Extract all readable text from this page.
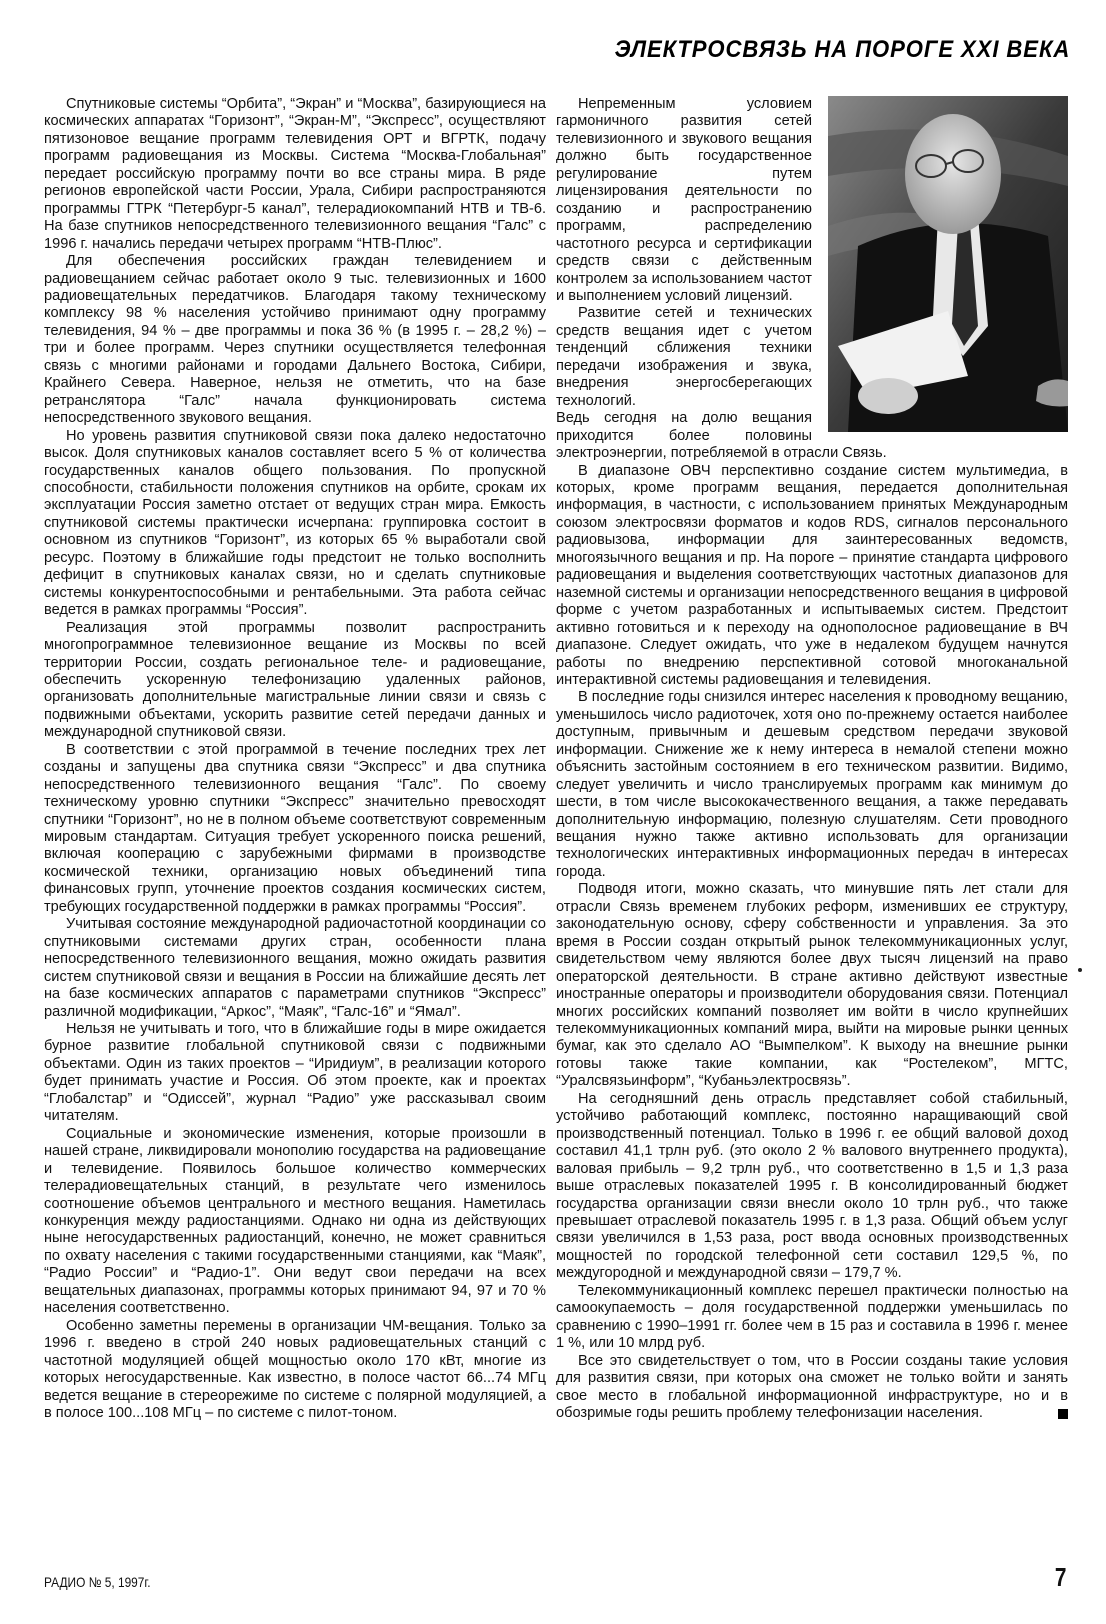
ЭЛЕКТРОСВЯЗЬ НА ПОРОГЕ XXI ВЕКА

Спутниковые системы “Орбита”, “Экран” и “Москва”, базирующиеся на космических аппаратах “Горизонт”, “Экран-М”, “Экспресс”, осуществляют пятизоновое вещание программ телевидения ОРТ и ВГРТК, подачу программ радиовещания из Москвы. Система “Москва-Глобальная” передает российскую программу почти во все страны мира. В ряде регионов европейской части России, Урала, Сибири распространяются программы ГТРК “Петербург-5 канал”, телерадиокомпаний НТВ и ТВ-6. На базе спутников непосредственного телевизионного вещания “Галс” с 1996 г. начались передачи четырех программ “НТВ-Плюс”.

Для обеспечения российских граждан телевидением и радиовещанием сейчас работает около 9 тыс. телевизионных и 1600 радиовещательных передатчиков. Благодаря такому техническому комплексу 98 % населения устойчиво принимают одну программу телевидения, 94 % – две программы и пока 36 % (в 1995 г. – 28,2 %) – три и более программ. Через спутники осуществляется телефонная связь с многими районами и городами Дальнего Востока, Сибири, Крайнего Севера. Наверное, нельзя не отметить, что на базе ретранслятора “Галс” начала функционировать система непосредственного звукового вещания.

Но уровень развития спутниковой связи пока далеко недостаточно высок. Доля спутниковых каналов составляет всего 5 % от количества государственных каналов общего пользования. По пропускной способности, стабильности положения спутников на орбите, срокам их эксплуатации Россия заметно отстает от ведущих стран мира. Емкость спутниковой системы практически исчерпана: группировка состоит в основном из спутников “Горизонт”, из которых 65 % выработали свой ресурс. Поэтому в ближайшие годы предстоит не только восполнить дефицит в спутниковых каналах связи, но и сделать спутниковые системы конкурентоспособными и рентабельными. Эта работа сейчас ведется в рамках программы “Россия”.

Реализация этой программы позволит распространить многопрограммное телевизионное вещание из Москвы по всей территории России, создать региональное теле- и радиовещание, обеспечить ускоренную телефонизацию удаленных районов, организовать дополнительные магистральные линии связи и связь с подвижными объектами, ускорить развитие сетей передачи данных и международной спутниковой связи.

В соответствии с этой программой в течение последних трех лет созданы и запущены два спутника связи “Экспресс” и два спутника непосредственного телевизионного вещания “Галс”. По своему техническому уровню спутники “Экспресс” значительно превосходят спутники “Горизонт”, но не в полном объеме соответствуют современным мировым стандартам. Ситуация требует ускоренного поиска решений, включая кооперацию с зарубежными фирмами в производстве космической техники, организацию новых объединений типа финансовых групп, уточнение проектов создания космических систем, требующих государственной поддержки в рамках программы “Россия”.

Учитывая состояние международной радиочастотной координации со спутниковыми системами других стран, особенности плана непосредственного телевизионного вещания, можно ожидать развития систем спутниковой связи и вещания в России на ближайшие десять лет на базе космических аппаратов с параметрами спутников “Экспресс” различной модификации, “Аркос”, “Маяк”, “Галс-16” и “Ямал”.

Нельзя не учитывать и того, что в ближайшие годы в мире ожидается бурное развитие глобальной спутниковой связи с подвижными объектами. Один из таких проектов – “Иридиум”, в реализации которого будет принимать участие и Россия. Об этом проекте, как и проектах “Глобалстар” и “Одиссей”, журнал “Радио” уже рассказывал своим читателям.

Социальные и экономические изменения, которые произошли в нашей стране, ликвидировали монополию государства на радиовещание и телевидение. Появилось большое количество коммерческих телерадиовещательных станций, в результате чего изменилось соотношение объемов центрального и местного вещания. Наметилась конкуренция между радиостанциями. Однако ни одна из действующих ныне негосударственных радиостанций, конечно, не может сравниться по охвату населения с такими государственными станциями, как “Маяк”, “Радио России” и “Радио-1”. Они ведут свои передачи на всех вещательных диапазонах, программы которых принимают 94, 97 и 70 % населения соответственно.

Особенно заметны перемены в организации ЧМ-вещания. Только за 1996 г. введено в строй 240 новых радиовещательных станций с частотной модуляцией общей мощностью около 170 кВт, многие из которых негосударственные. Как известно, в полосе частот 66...74 МГц ведется вещание в стереорежиме по системе с полярной модуляцией, а в полосе 100...108 МГц – по системе с пилот-тоном.

Непременным условием гармоничного развития сетей телевизионного и звукового вещания должно быть государственное регулирование путем лицензирования деятельности по созданию и распространению программ, распределению частотного ресурса и сертификации средств связи с действенным контролем за использованием частот и выполнением условий лицензий.

Развитие сетей и технических средств вещания идет с учетом тенденций сближения техники передачи изображения и звука, внедрения энергосберегающих технологий.

Ведь сегодня на долю вещания приходится более половины электроэнергии, потребляемой в отрасли Связь.

В диапазоне ОВЧ перспективно создание систем мультимедиа, в которых, кроме программ вещания, передается дополнительная информация, в частности, с использованием принятых Международным союзом электросвязи форматов и кодов RDS, сигналов персонального радиовызова, информации для заинтересованных ведомств, многоязычного вещания и пр. На пороге – принятие стандарта цифрового радиовещания и выделения соответствующих частотных диапазонов для наземной системы и организации непосредственного вещания в цифровой форме с учетом разработанных и испытываемых систем. Предстоит активно готовиться и к переходу на однополосное радиовещание в ВЧ диапазоне. Следует ожидать, что уже в недалеком будущем начнутся работы по внедрению перспективной сотовой многоканальной интерактивной системы радиовещания и телевидения.

В последние годы снизился интерес населения к проводному вещанию, уменьшилось число радиоточек, хотя оно по-прежнему остается наиболее доступным, привычным и дешевым средством передачи звуковой информации. Снижение же к нему интереса в немалой степени можно объяснить застойным состоянием в его техническом развитии. Видимо, следует увеличить и число транслируемых программ как минимум до шести, в том числе высококачественного вещания, а также передавать дополнительную информацию, полезную слушателям. Сети проводного вещания нужно также активно использовать для организации технологических интерактивных информационных передач в интересах города.

Подводя итоги, можно сказать, что минувшие пять лет стали для отрасли Связь временем глубоких реформ, изменивших ее структуру, законодательную основу, сферу собственности и управления. За это время в России создан открытый рынок телекоммуникационных услуг, свидетельством чему являются более двух тысяч лицензий на право операторской деятельности. В стране активно действуют известные иностранные операторы и производители оборудования связи. Потенциал многих российских компаний позволяет им войти в число крупнейших телекоммуникационных компаний мира, выйти на мировые рынки ценных бумаг, как это сделало АО “Вымпелком”. К выходу на внешние рынки готовы также такие компании, как “Ростелеком”, МГТС, “Уралсвязьинформ”, “Кубаньэлектросвязь”.

На сегодняшний день отрасль представляет собой стабильный, устойчиво работающий комплекс, постоянно наращивающий свой производственный потенциал. Только в 1996 г. ее общий валовой доход составил 41,1 трлн руб. (это около 2 % валового внутреннего продукта), валовая прибыль – 9,2 трлн руб., что соответственно в 1,5 и 1,3 раза выше отраслевых показателей 1995 г. В консолидированный бюджет государства организации связи внесли около 10 трлн руб., что также превышает отраслевой показатель 1995 г. в 1,3 раза. Общий объем услуг связи увеличился в 1,53 раза, рост ввода основных производственных мощностей по городской телефонной сети составил 129,5 %, по междугородной и международной связи – 179,7 %.

Телекоммуникационный комплекс перешел практически полностью на самоокупаемость – доля государственной поддержки уменьшилась по сравнению с 1990–1991 гг. более чем в 15 раз и составила в 1996 г. менее 1 %, или 10 млрд руб.

Все это свидетельствует о том, что в России созданы такие условия для развития связи, при которых она сможет не только войти и занять свое место в глобальной информационной инфраструктуре, но и в обозримые годы решить проблему телефонизации населения.

РАДИО № 5, 1997г.	7
